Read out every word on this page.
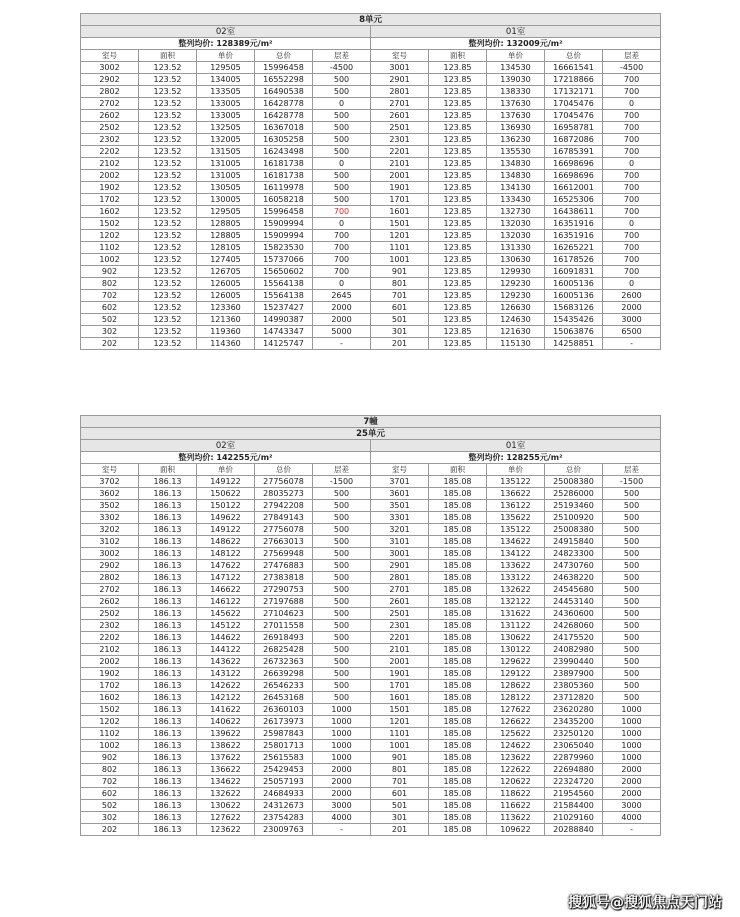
8单元									
02室					01室				
整列均价: 128389元/m²					整列均价: 132009元/m²				
室号	面积	单价	总价	层差	室号	面积	单价	总价	层差
3002	123.52	129505	15996458	-4500	3001	123.85	134530	16661541	-4500
2902	123.52	134005	16552298	500	2901	123.85	139030	17218866	700
2802	123.52	133505	16490538	500	2801	123.85	138330	17132171	700
2702	123.52	133005	16428778	0	2701	123.85	137630	17045476	0
2602	123.52	133005	16428778	500	2601	123.85	137630	17045476	700
2502	123.52	132505	16367018	500	2501	123.85	136930	16958781	700
2302	123.52	132005	16305258	500	2301	123.85	136230	16872086	700
2202	123.52	131505	16243498	500	2201	123.85	135530	16785391	700
2102	123.52	131005	16181738	0	2101	123.85	134830	16698696	0
2002	123.52	131005	16181738	500	2001	123.85	134830	16698696	700
1902	123.52	130505	16119978	500	1901	123.85	134130	16612001	700
1702	123.52	130005	16058218	500	1701	123.85	133430	16525306	700
1602	123.52	129505	15996458	700	1601	123.85	132730	16438611	700
1502	123.52	128805	15909994	0	1501	123.85	132030	16351916	0
1202	123.52	128805	15909994	700	1201	123.85	132030	16351916	700
1102	123.52	128105	15823530	700	1101	123.85	131330	16265221	700
1002	123.52	127405	15737066	700	1001	123.85	130630	16178526	700
902	123.52	126705	15650602	700	901	123.85	129930	16091831	700
802	123.52	126005	15564138	0	801	123.85	129230	16005136	0
702	123.52	126005	15564138	2645	701	123.85	129230	16005136	2600
602	123.52	123360	15237427	2000	601	123.85	126630	15683126	2000
502	123.52	121360	14990387	2000	501	123.85	124630	15435426	3000
302	123.52	119360	14743347	5000	301	123.85	121630	15063876	6500
202	123.52	114360	14125747	-	201	123.85	115130	14258851	-
7幢									
25单元									
02室					01室				
整列均价: 142255元/m²					整列均价: 128255元/m²				
室号	面积	单价	总价	层差	室号	面积	单价	总价	层差
3702	186.13	149122	27756078	-1500	3701	185.08	135122	25008380	-1500
3602	186.13	150622	28035273	500	3601	185.08	136622	25286000	500
3502	186.13	150122	27942208	500	3501	185.08	136122	25193460	500
3302	186.13	149622	27849143	500	3301	185.08	135622	25100920	500
3202	186.13	149122	27756078	500	3201	185.08	135122	25008380	500
3102	186.13	148622	27663013	500	3101	185.08	134622	24915840	500
3002	186.13	148122	27569948	500	3001	185.08	134122	24823300	500
2902	186.13	147622	27476883	500	2901	185.08	133622	24730760	500
2802	186.13	147122	27383818	500	2801	185.08	133122	24638220	500
2702	186.13	146622	27290753	500	2701	185.08	132622	24545680	500
2602	186.13	146122	27197688	500	2601	185.08	132122	24453140	500
2502	186.13	145622	27104623	500	2501	185.08	131622	24360600	500
2302	186.13	145122	27011558	500	2301	185.08	131122	24268060	500
2202	186.13	144622	26918493	500	2201	185.08	130622	24175520	500
2102	186.13	144122	26825428	500	2101	185.08	130122	24082980	500
2002	186.13	143622	26732363	500	2001	185.08	129622	23990440	500
1902	186.13	143122	26639298	500	1901	185.08	129122	23897900	500
1702	186.13	142622	26546233	500	1701	185.08	128622	23805360	500
1602	186.13	142122	26453168	500	1601	185.08	128122	23712820	500
1502	186.13	141622	26360103	1000	1501	185.08	127622	23620280	1000
1202	186.13	140622	26173973	1000	1201	185.08	126622	23435200	1000
1102	186.13	139622	25987843	1000	1101	185.08	125622	23250120	1000
1002	186.13	138622	25801713	1000	1001	185.08	124622	23065040	1000
902	186.13	137622	25615583	1000	901	185.08	123622	22879960	1000
802	186.13	136622	25429453	2000	801	185.08	122622	22694880	2000
702	186.13	134622	25057193	2000	701	185.08	120622	22324720	2000
602	186.13	132622	24684933	2000	601	185.08	118622	21954560	2000
502	186.13	130622	24312673	3000	501	185.08	116622	21584400	3000
302	186.13	127622	23754283	4000	301	185.08	113622	21029160	4000
202	186.13	123622	23009763	-	201	185.08	109622	20288840	-
搜狐号@搜狐焦点天门站
